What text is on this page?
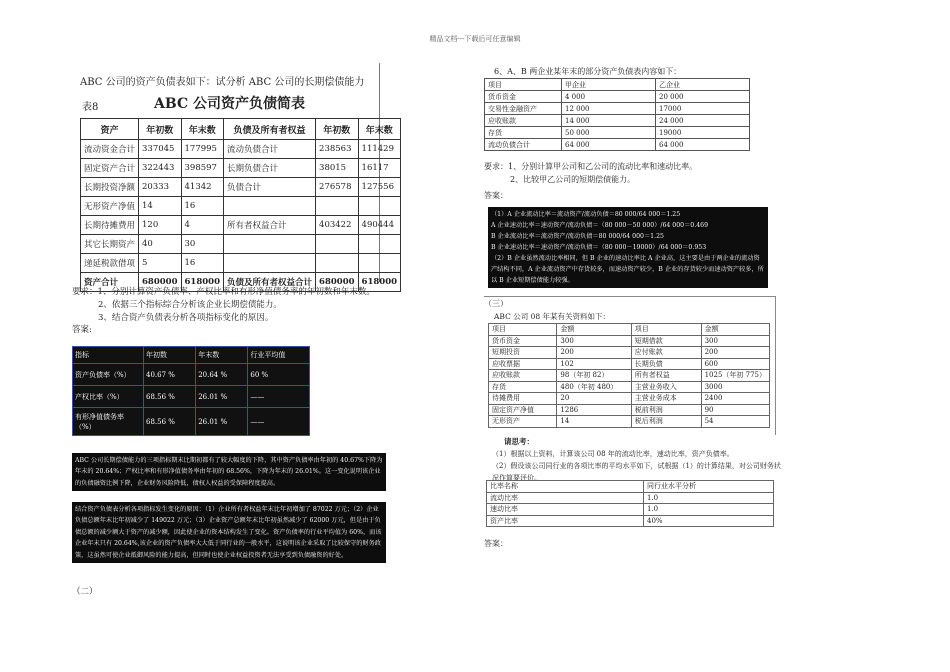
精品文档---下载后可任意编辑
ABC 公司的资产负债表如下：试分析 ABC 公司的长期偿债能力
表8	ABC 公司资产负债简表
资产	年初数	年末数	负债及所有者权益	年初数	年末数
流动资金合计	337045	177995	流动负债合计	238563	111429
固定资产合计	322443	398597	长期负债合计	38015	16117
长期投资净额	20333	41342	负债合计	276578	127556
无形资产净值	14	16			
长期待摊费用	120	4	所有者权益合计	403422	490444
其它长期资产	40	30			
递延税款借项	5	16			
资产合计	680000	618000	负债及所有者权益合计	680000	618000
要求：1、分别计算资产负债率、产权比率和有形净值债务率的年初数和年末数。
2、依据三个指标综合分析该企业长期偿债能力。
3、结合资产负债表分析各项指标变化的原因。
答案:
指标	年初数	年末数	行业平均值
资产负债率（%）	40.67 %	20.64 %	60 %
产权比率（%）	68.56 %	26.01 %	——
有形净值债务率（%）	68.56 %	26.01 %	——
ABC 公司长期偿债能力的三项指标期末比期初都有了较大幅度的下降，其中资产负债率由年初的 40.67%下降为年末的 20.64%；产权比率和有形净值债务率由年初的 68.56%，下降为年末的 26.01%。这一变化说明该企业的负债融资比例下降，企业财务风险降低，债权人权益的受保障程度提高。
结合资产负债表分析各项指标发生变化的原因：（1）企业所有者权益年末比年初增加了 87022 万元；（2）企业负债总额年末比年初减少了 149022 万元；（3）企业资产总额年末比年初虽然减少了 62000 万元，但是由于负债总额的减少额大于资产的减少额，因此使企业的资本结构发生了变化。资产负债率的行业平均值为 60%，而该企业年末只有 20.64%,该企业的资产负债率大大低于同行业的一般水平，这说明该企业采取了比较保守的财务政策，这虽然可使企业抵御风险的能力提高，但同时也使企业权益投资者无法享受到负债融资的好处。
（二）
6、A、B 两企业某年末的部分资产负债表内容如下：
项目	甲企业	乙企业
货币资金	4 000	20 000
交易性金融资产	12 000	17000
应收账款	14 000	24 000
存货	50 000	19000
流动负债合计	64 000	64 000
要求：1、分别计算甲公司和乙公司的流动比率和速动比率。
2、比较甲乙公司的短期偿债能力。
答案：
（1）A 企业流动比率＝流动资产/流动负债＝80 000/64 000＝1.25
A 企业速动比率＝速动资产/流动负债＝（80 000－50 000）/64 000＝0.469
B 企业流动比率＝流动资产/流动负债＝80 000/64 000＝1.25
B 企业速动比率＝速动资产/流动负债＝（80 000－19000）/64 000＝0.953
（2）B 企业虽然流动比率相同，但 B 企业的速动比率比 A 企业高，这主要是由于两企业的流动资产结构不同，A 企业流动资产中存货较多，而速动资产较少，B 企业的存货较少而速动资产较多，所以 B 企业短期偿债能力较强。
（三）
ABC 公司 08 年某有关资料如下：
项目	金额	项目	金额
货币资金	300	短期借款	300
短期投资	200	应付账款	200
应收票据	102	长期负债	600
应收账款	98（年初 82）	所有者权益	1025（年初 775）
存货	480（年初 480）	主营业务收入	3000
待摊费用	20	主营业务成本	2400
固定资产净值	1286	税前利润	90
无形资产	14	税后利润	54
请思考：
（1）根据以上资料，计算该公司 08 年的流动比率，速动比率，资产负债率。
（2）假设该公司同行业的各项比率的平均水平如下，试根据（1）的计算结果，对公司财务状况作简要评价。
比率名称	同行业水平分析
流动比率	1.0
速动比率	1.0
资产比率	40%
答案：
